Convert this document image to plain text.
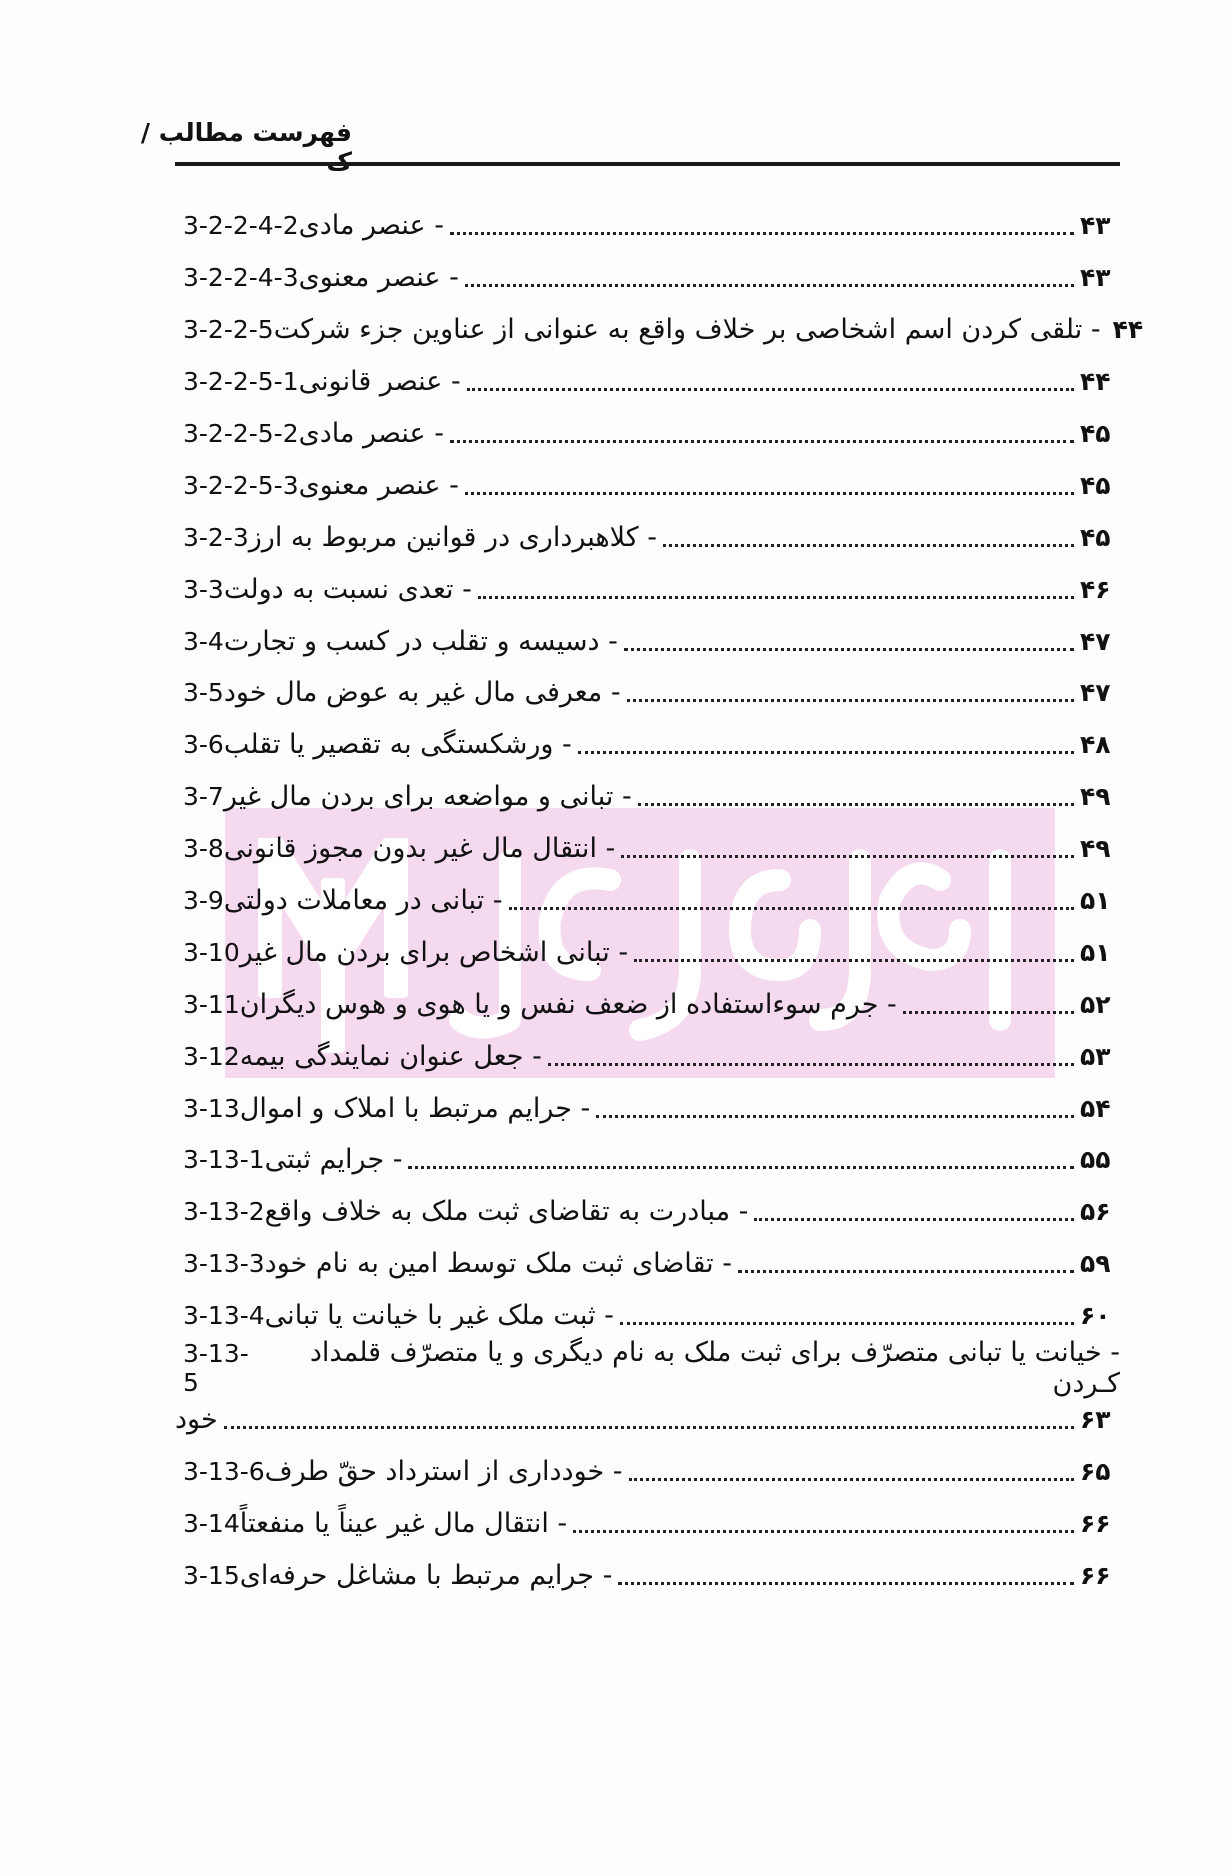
فهرست مطالب /
3-2-2-4-2 - عنصر مادی	۴۳
3-2-2-4-3 - عنصر معنوی	۴۳
3-2-2-5 - تلقی کردن اسم اشخاصی بر خلاف واقع به عنوانی از عناوین جزء شرکت ۴۴
3-2-2-5-1 - عنصر قانونی	۴۴
3-2-2-5-2 - عنصر مادی	۴۵
3-2-2-5-3 - عنصر معنوی	۴۵
3-2-3 - کلاهبرداری در قوانین مربوط به ارز	۴۵
3-3 - تعدی نسبت به دولت	۴۶
3-4 - دسیسه و تقلب در کسب و تجارت	۴۷
3-5 - معرفی مال غیر به عوض مال خود	۴۷
3-6 - ورشکستگی به تقصیر یا تقلب	۴۸
3-7 - تبانی و مواضعه برای بردن مال غیر	۴۹
3-8 - انتقال مال غیر بدون مجوز قانونی	۴۹
3-9 - تبانی در معاملات دولتی	۵۱
3-10 - تبانی اشخاص برای بردن مال غیر	۵۱
3-11 - جرم سوءاستفاده از ضعف نفس و یا هوی و هوس دیگران	۵۲
3-12 - جعل عنوان نمایندگی بیمه	۵۳
3-13 - جرایم مرتبط با املاک و اموال	۵۴
3-13-1 - جرایم ثبتی	۵۵
3-13-2 - مبادرت به تقاضای ثبت ملک به خلاف واقع	۵۶
3-13-3 - تقاضای ثبت ملک توسط امین به نام خود	۵۹
3-13-4 - ثبت ملک غیر با خیانت یا تبانی	۶۰
3-13-5
- خیانت یا تبانی متصرّف برای ثبت ملک به نام دیگری و یا متصرّف قلمداد کـردن
خود	۶۳
3-13-6 - خودداری از استرداد حقّ طرف	۶۵
3-14 - انتقال مال غیر عیناً یا منفعتاً	۶۶
3-15 - جرایم مرتبط با مشاغل حرفه‌ای	۶۶
